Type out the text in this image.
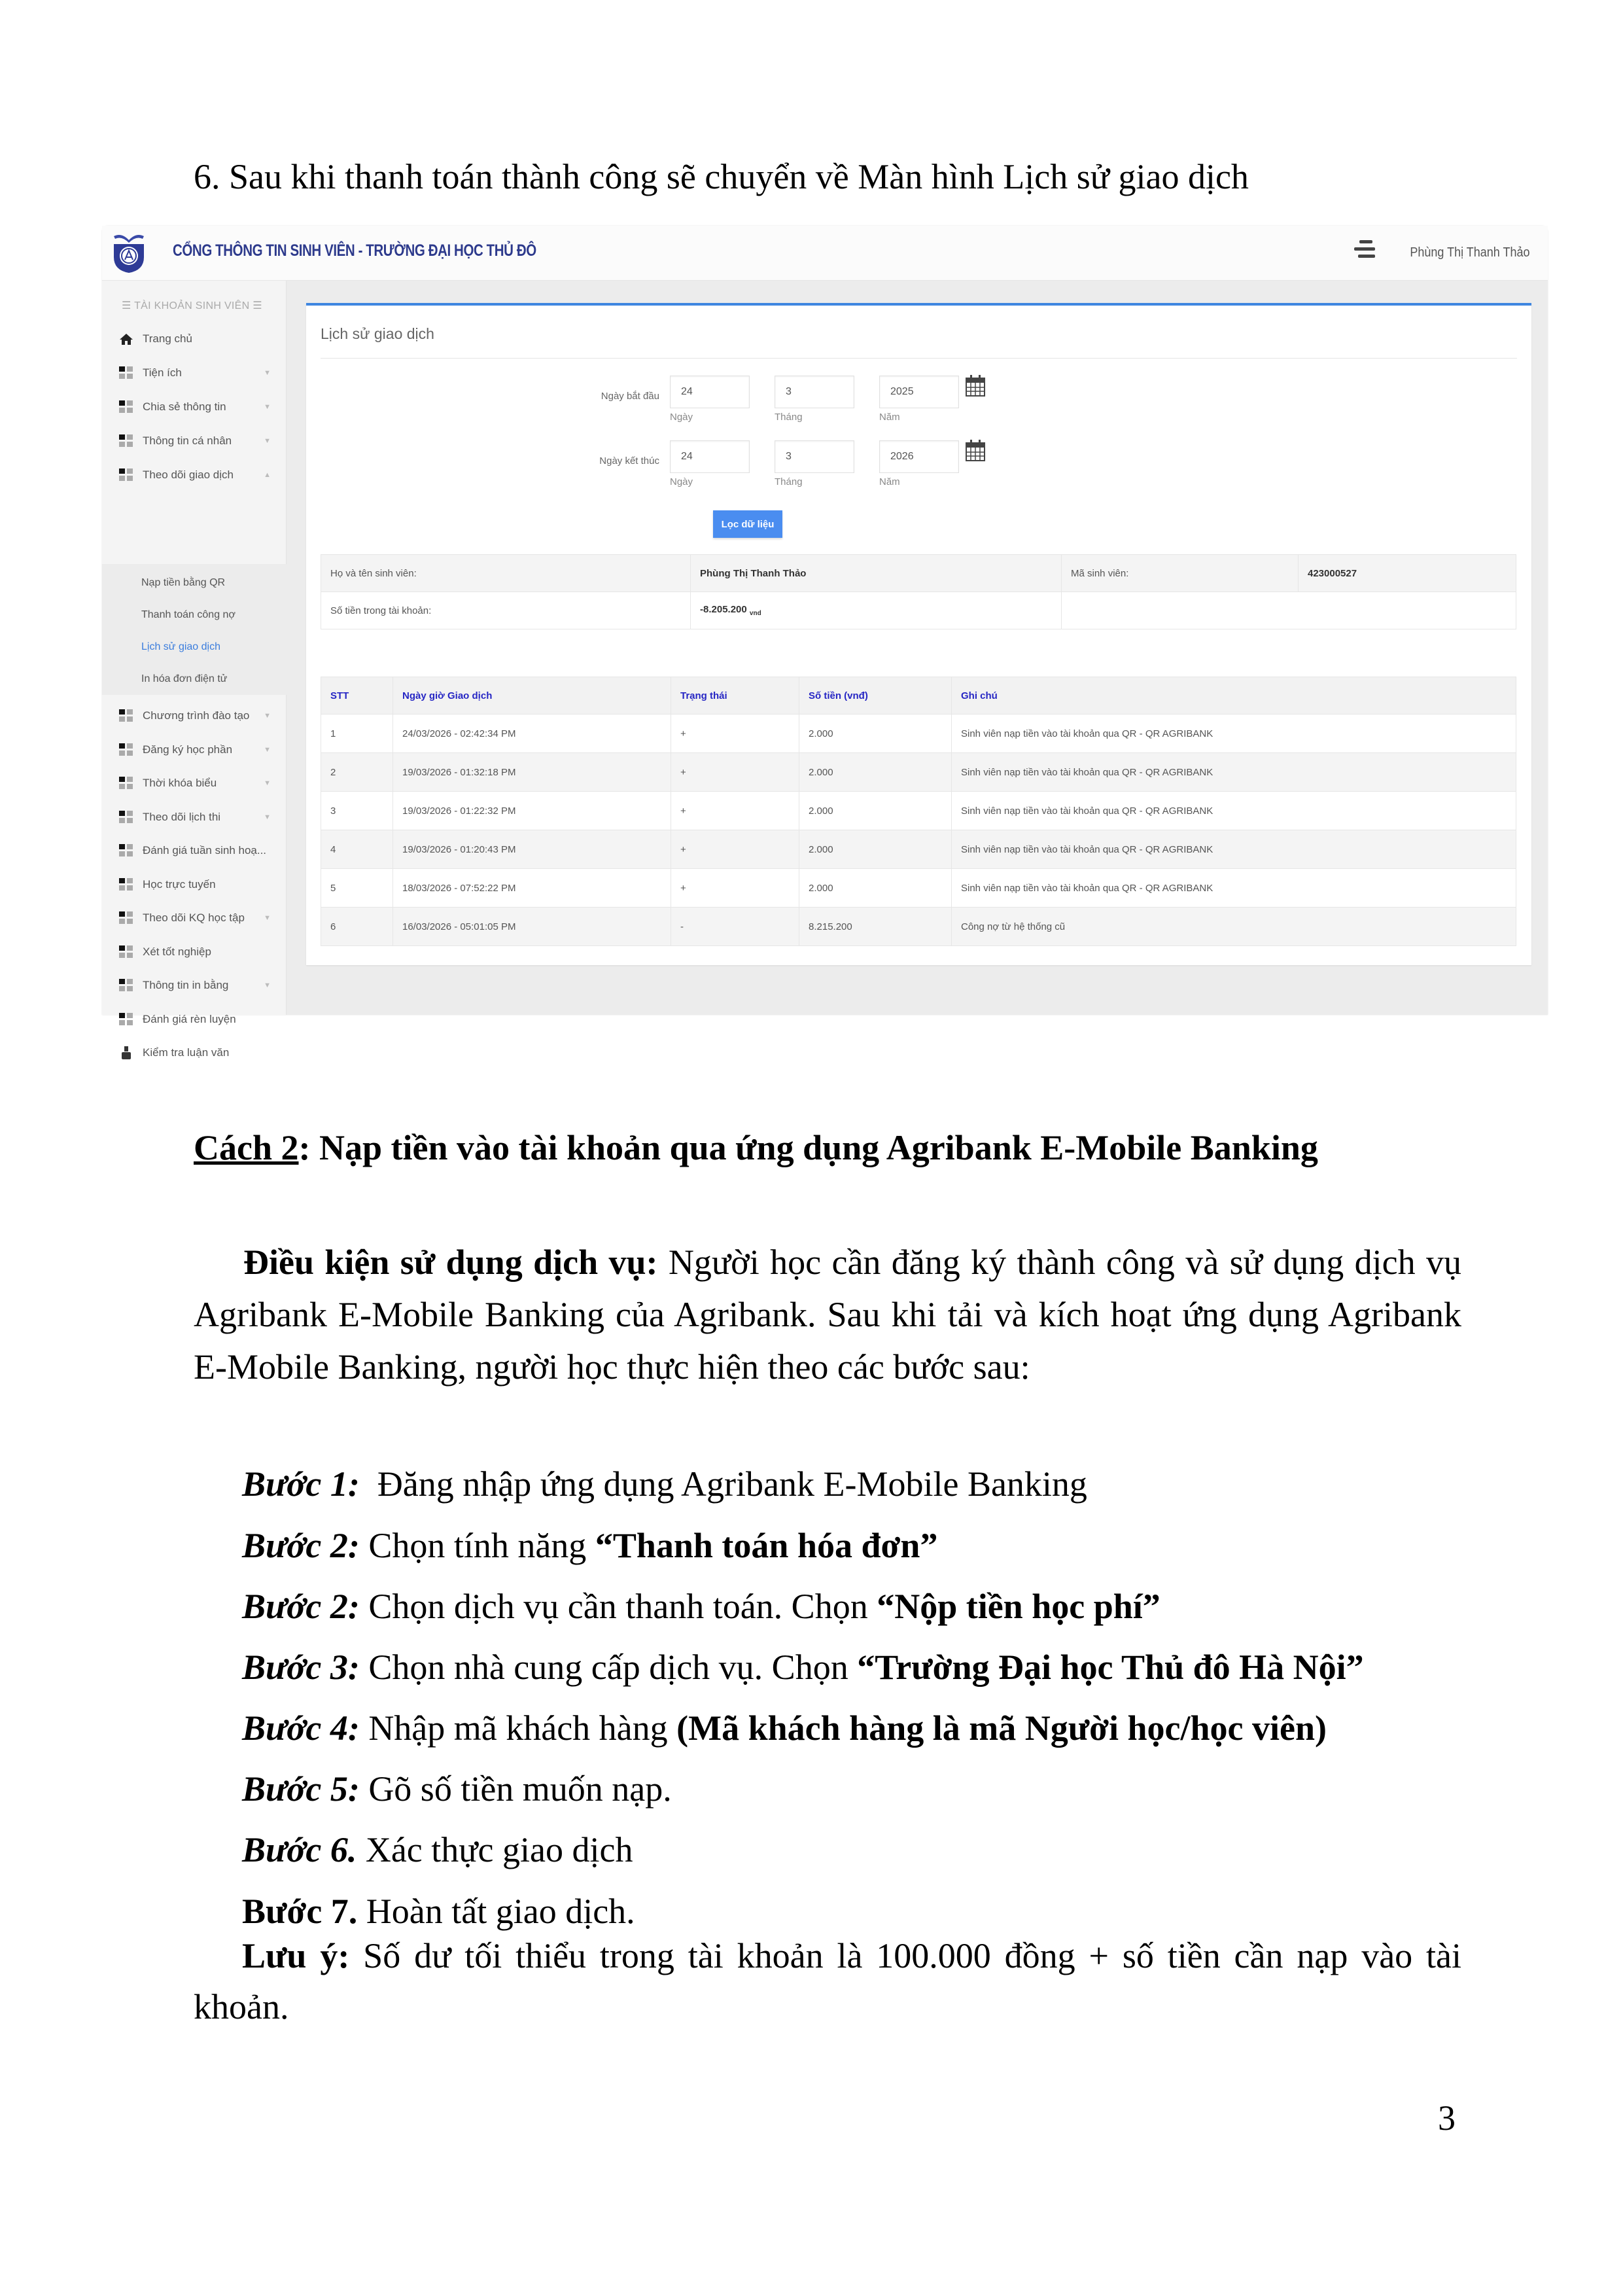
6. Sau khi thanh toán thành công sẽ chuyển về Màn hình Lịch sử giao dịch
CỔNG THÔNG TIN SINH VIÊN - TRƯỜNG ĐẠI HỌC THỦ ĐÔ	Phùng Thị Thanh Thảo
☰ TÀI KHOẢN SINH VIÊN ☰
Trang chủ
Tiện ích	▼
Chia sẻ thông tin	▼
Thông tin cá nhân	▼
Theo dõi giao dịch	▲
Nạp tiền bằng QR
Thanh toán công nợ
Lịch sử giao dịch
In hóa đơn điện tử
Chương trình đào tạo ▼
Đăng ký học phần	▼
Thời khóa biểu	▼
Theo dõi lịch thi	▼
Đánh giá tuần sinh hoạ...
Học trực tuyến
Theo dõi KQ học tập	▼
Xét tốt nghiệp
Thông tin in bằng	▼
Đánh giá rèn luyện
Kiểm tra luận văn
Lịch sử giao dịch
Ngày bắt đầu	24	3	2025
Ngày	Tháng	Năm
Ngày kết thúc	24	3	2026
Ngày	Tháng	Năm
Lọc dữ liệu
Họ và tên sinh viên:	Phùng Thị Thanh Thảo	Mã sinh viên:	423000527
Số tiền trong tài khoản:	-8.205.200 $_{vnd}$	
STT	Ngày giờ Giao dịch	Trạng thái	Số tiền (vnđ)	Ghi chú
1	24/03/2026 - 02:42:34 PM	+	2.000	Sinh viên nạp tiền vào tài khoản qua QR - QR AGRIBANK
2	19/03/2026 - 01:32:18 PM	+	2.000	Sinh viên nạp tiền vào tài khoản qua QR - QR AGRIBANK
3	19/03/2026 - 01:22:32 PM	+	2.000	Sinh viên nạp tiền vào tài khoản qua QR - QR AGRIBANK
4	19/03/2026 - 01:20:43 PM	+	2.000	Sinh viên nạp tiền vào tài khoản qua QR - QR AGRIBANK
5	18/03/2026 - 07:52:22 PM	+	2.000	Sinh viên nạp tiền vào tài khoản qua QR - QR AGRIBANK
6	16/03/2026 - 05:01:05 PM	-	8.215.200	Công nợ từ hệ thống cũ
Cách 2: Nạp tiền vào tài khoản qua ứng dụng Agribank E-Mobile Banking
Điều kiện sử dụng dịch vụ: Người học cần đăng ký thành công và sử dụng dịch vụ Agribank E-Mobile Banking của Agribank. Sau khi tải và kích hoạt ứng dụng Agribank E-Mobile Banking, người học thực hiện theo các bước sau:
Bước 1:  Đăng nhập ứng dụng Agribank E-Mobile Banking
Bước 2: Chọn tính năng “Thanh toán hóa đơn”
Bước 2: Chọn dịch vụ cần thanh toán. Chọn “Nộp tiền học phí”
Bước 3: Chọn nhà cung cấp dịch vụ. Chọn “Trường Đại học Thủ đô Hà Nội”
Bước 4: Nhập mã khách hàng (Mã khách hàng là mã Người học/học viên)
Bước 5: Gõ số tiền muốn nạp.
Bước 6. Xác thực giao dịch
Bước 7. Hoàn tất giao dịch.
Lưu ý: Số dư tối thiểu trong tài khoản là 100.000 đồng + số tiền cần nạp vào tài khoản.
3
